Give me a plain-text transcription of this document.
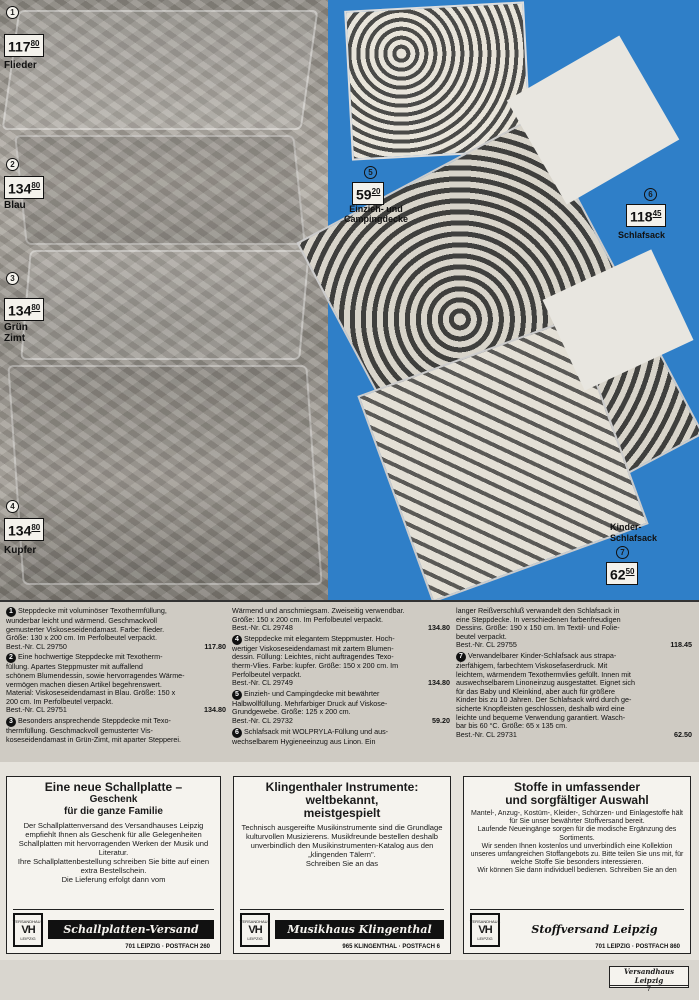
1
$117^{80}$
Flieder
2
$134^{80}$
Blau
3
$134^{80}$
Grün
Zimt
4
$134^{80}$
Kupfer
5
$59^{20}$
Einzieh- und
Campingdecke
6
$118^{45}$
Schlafsack
Kinder-
Schlafsack
7
$62^{50}$
1 Steppdecke mit voluminöser Texothermfüllung,
wunderbar leicht und wärmend. Geschmackvoll
gemusterter Viskoseseidendamast. Farbe: flieder.
Größe: 130 x 200 cm. Im Perfolbeutel verpackt.
Best.-Nr. CL 29750	117.80
2 Eine hochwertige Steppdecke mit Texotherm-
füllung. Apartes Steppmuster mit auffallend
schönem Blumendessin, sowie hervorragendes Wärme-
vermögen machen diesen Artikel begehrenswert.
Material: Viskoseseidendamast in Blau. Größe: 150 x
200 cm. Im Perfolbeutel verpackt.
Best.-Nr. CL 29751	134.80
3 Besonders ansprechende Steppdecke mit Texo-
thermfüllung. Geschmackvoll gemusterter Vis-
koseseidendamast in Grün-Zimt, mit aparter Stepperei.
Wärmend und anschmiegsam. Zweiseitig verwendbar.
Größe: 150 x 200 cm. Im Perfolbeutel verpackt.
Best.-Nr. CL 29748	134.80
4 Steppdecke mit elegantem Steppmuster. Hoch-
wertiger Viskoseseidendamast mit zartem Blumen-
dessin. Füllung: Leichtes, nicht auftragendes Texo-
therm-Vlies. Farbe: kupfer. Größe: 150 x 200 cm. Im
Perfolbeutel verpackt.
Best.-Nr. CL 29749	134.80
5 Einzieh- und Campingdecke mit bewährter
Halbwollfüllung. Mehrfarbiger Druck auf Viskose-
Grundgewebe. Größe: 125 x 200 cm.
Best.-Nr. CL 29732	59.20
6 Schlafsack mit WOLPRYLA-Füllung und aus-
wechselbarem Hygieneeinzug aus Linon. Ein
langer Reißverschluß verwandelt den Schlafsack in
eine Steppdecke. In verschiedenen farbenfreudigen
Dessins. Größe: 190 x 150 cm. Im Textil- und Folie-
beutel verpackt.
Best.-Nr. CL 29755	118.45
7 Verwandelbarer Kinder-Schlafsack aus strapa-
zierfähigem, farbechtem Viskosefaserdruck. Mit
leichtem, wärmendem Texothermvlies gefüllt. Innen mit
auswechselbarem Linoneinzug ausgestattet. Eignet sich
für das Baby und Kleinkind, aber auch für größere
Kinder bis zu 10 Jahren. Der Schlafsack wird durch ge-
sicherte Knopfleisten geschlossen, deshalb wird eine
leichte und bequeme Verwendung garantiert. Wasch-
bar bis 60 °C. Größe: 65 x 135 cm.
Best.-Nr. CL 29731	62.50
Eine neue Schallplatte –
Geschenk
für die ganze Familie
Der Schallplattenversand des Versandhauses Leipzig empfiehlt Ihnen als Geschenk für alle Gelegenheiten Schallplatten mit hervorragenden Werken der Musik und Literatur.
Ihre Schallplattenbestellung schreiben Sie bitte auf einen extra Bestellschein.
Die Lieferung erfolgt dann vom
VERSANDHAUS
VH
LEIPZIG
Schallplatten-Versand
701 LEIPZIG · POSTFACH 260
Klingenthaler Instrumente:
weltbekannt,
meistgespielt
Technisch ausgereifte Musikinstrumente sind die Grundlage kulturvollen Musizierens. Musikfreunde bestellen deshalb unverbindlich den Musikinstrumenten-Katalog aus den „klingenden Tälern".
Schreiben Sie an das
VERSANDHAUS
VH
LEIPZIG
Musikhaus Klingenthal
965 KLINGENTHAL · POSTFACH 6
Stoffe in umfassender
und sorgfältiger Auswahl
Mantel-, Anzug-, Kostüm-, Kleider-, Schürzen- und Einlagestoffe hält für Sie unser bewährter Stoffversand bereit.
Laufende Neueingänge sorgen für die modische Ergänzung des Sortiments.
Wir senden Ihnen kostenlos und unverbindlich eine Kollektion unseres umfangreichen Stoffangebots zu. Bitte teilen Sie uns mit, für welche Stoffe Sie besonders interessieren.
Wir können Sie dann individuell bedienen. Schreiben Sie an den
VERSANDHAUS
VH
LEIPZIG
Stoffversand Leipzig
701 LEIPZIG · POSTFACH 860
Versandhaus Leipzig
7
